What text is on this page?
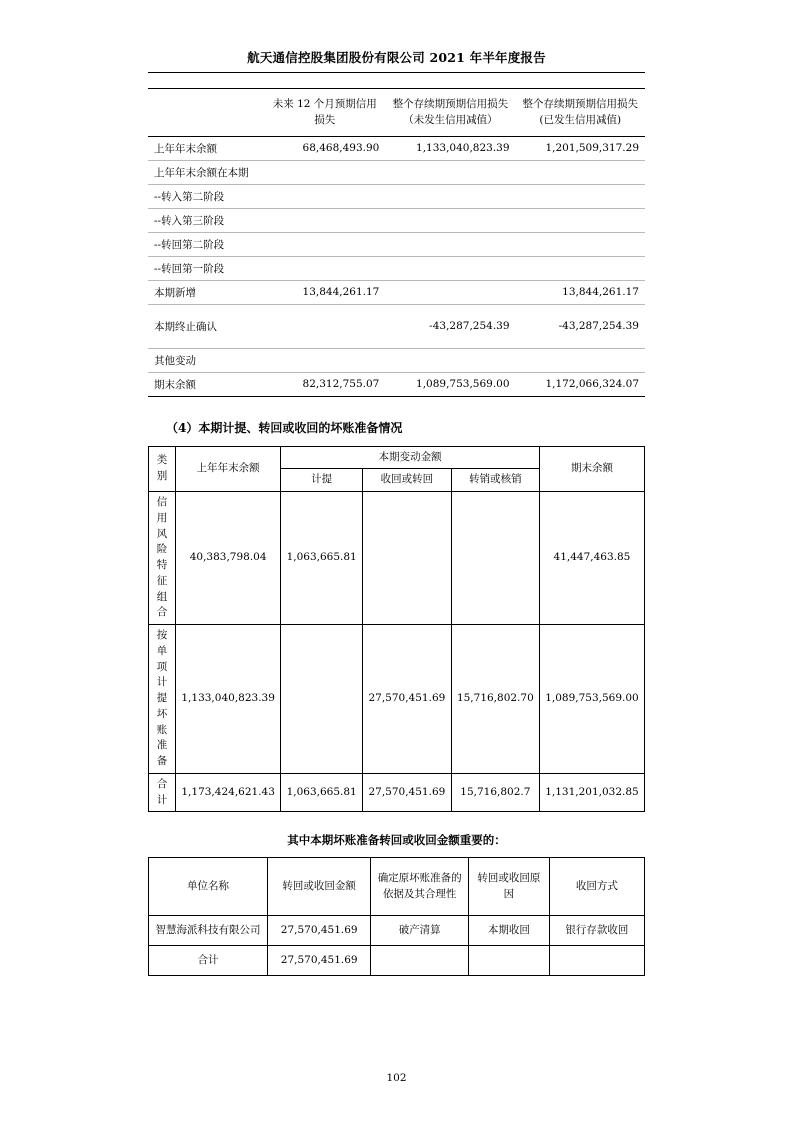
航天通信控股集团股份有限公司 2021 年半年度报告
	未来 12 个月预期信用损失	整个存续期预期信用损失（未发生信用减值）	整个存续期预期信用损失(已发生信用减值)
上年年末余额	68,468,493.90	1,133,040,823.39	1,201,509,317.29
上年年末余额在本期			
--转入第二阶段			
--转入第三阶段			
--转回第二阶段			
--转回第一阶段			
本期新增	13,844,261.17		13,844,261.17
本期终止确认		-43,287,254.39	-43,287,254.39
其他变动			
期末余额	82,312,755.07	1,089,753,569.00	1,172,066,324.07
（4）本期计提、转回或收回的坏账准备情况
类别	上年年末余额	本期变动金额			期末余额
		计提	收回或转回	转销或核销	
信用风险特征组合	40,383,798.04	1,063,665.81			41,447,463.85
按单项计提坏账准备	1,133,040,823.39		27,570,451.69	15,716,802.70	1,089,753,569.00
合计	1,173,424,621.43	1,063,665.81	27,570,451.69	15,716,802.7	1,131,201,032.85
其中本期坏账准备转回或收回金额重要的：
单位名称	转回或收回金额	确定原坏账准备的依据及其合理性	转回或收回原因	收回方式
智慧海派科技有限公司	27,570,451.69	破产清算	本期收回	银行存款收回
合计	27,570,451.69			
102
